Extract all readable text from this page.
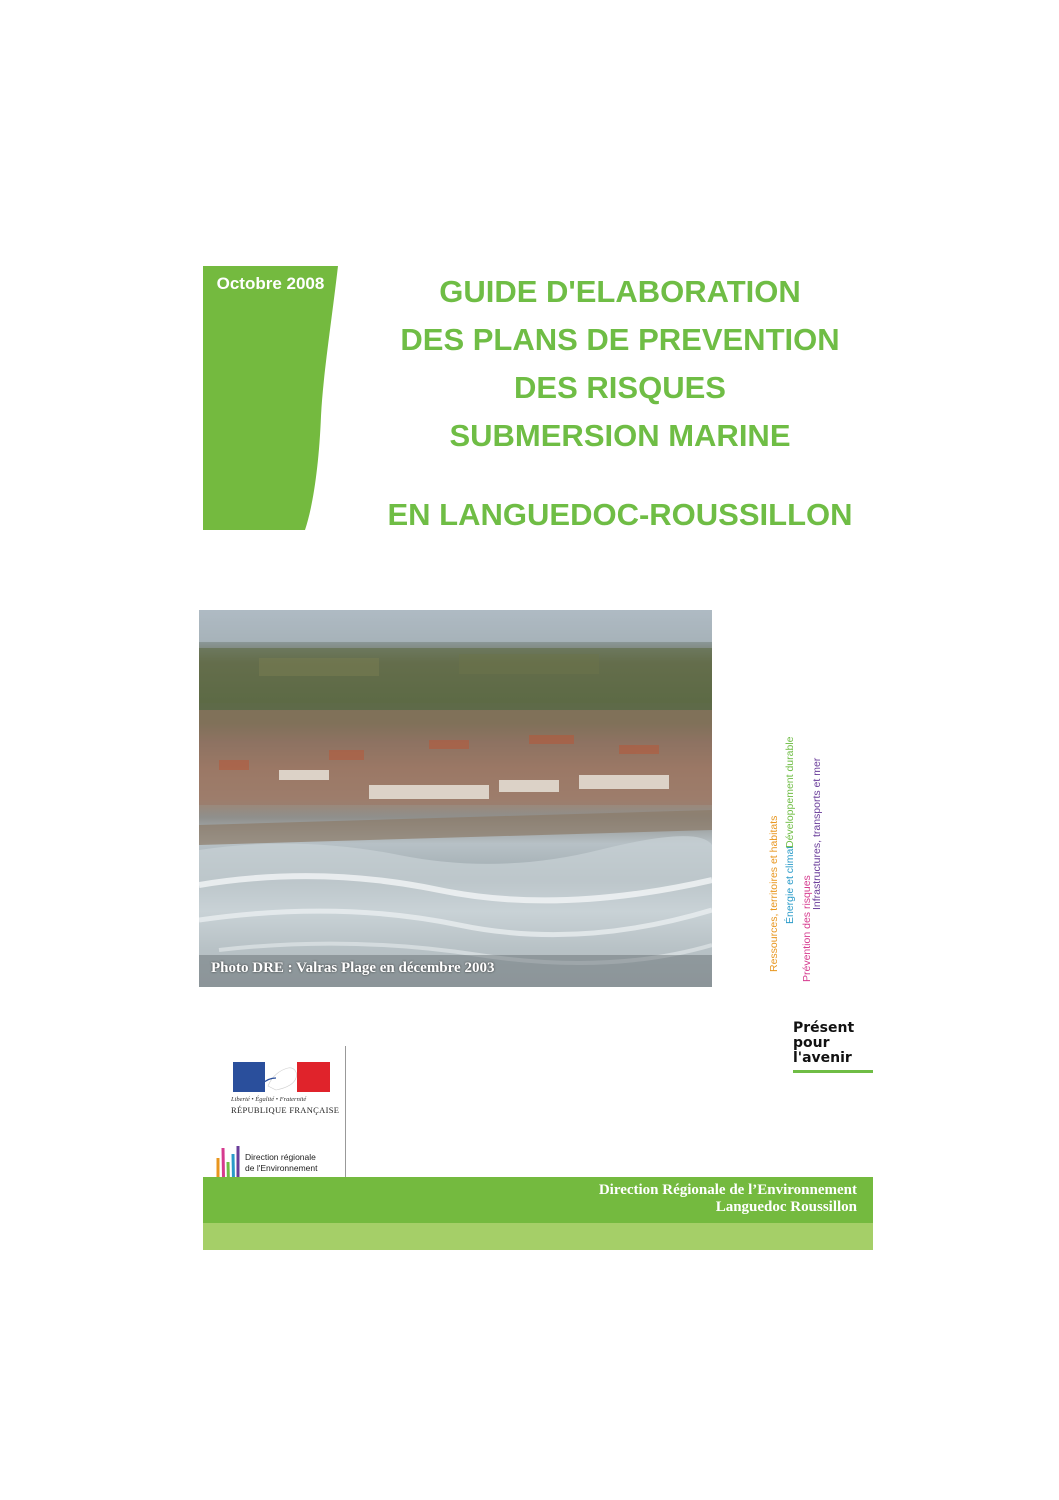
Octobre 2008	GUIDE D'ELABORATION
DES PLANS DE PREVENTION
DES RISQUES
SUBMERSION MARINE
EN LANGUEDOC-ROUSSILLON
Photo DRE : Valras Plage en décembre 2003	Ressources, territoires et habitats Prévention des risques
Énergie et climat Infrastructures, transports et mer
Développement durable
Présent
pour
l'avenir
Liberté • Égalité • Fraternité
RÉPUBLIQUE FRANÇAISE
Direction régionale
de l'Environnement
Direction Régionale de l’Environnement
Languedoc Roussillon
